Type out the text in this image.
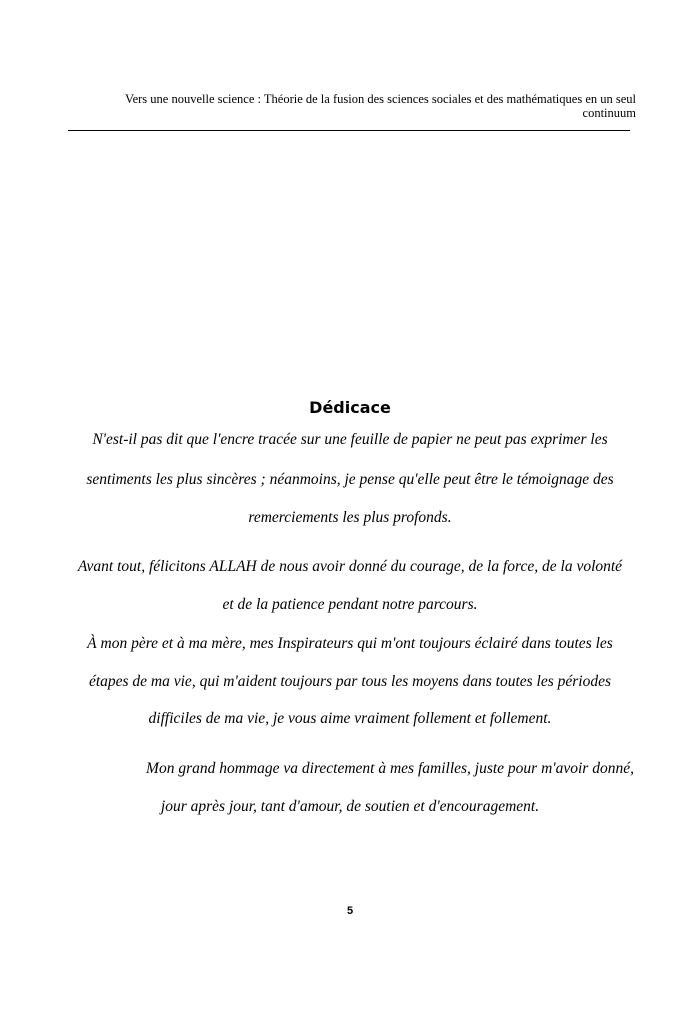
Vers une nouvelle science : Théorie de la fusion des sciences sociales et des mathématiques en un seul
continuum
Dédicace
N'est-il pas dit que l'encre tracée sur une feuille de papier ne peut pas exprimer les
sentiments les plus sincères ; néanmoins, je pense qu'elle peut être le témoignage des
remerciements les plus profonds.
Avant tout, félicitons ALLAH de nous avoir donné du courage, de la force, de la volonté
et de la patience pendant notre parcours.
À mon père et à ma mère, mes Inspirateurs qui m'ont toujours éclairé dans toutes les
étapes de ma vie, qui m'aident toujours par tous les moyens dans toutes les périodes
difficiles de ma vie, je vous aime vraiment follement et follement.
Mon grand hommage va directement à mes familles, juste pour m'avoir donné,
jour après jour, tant d'amour, de soutien et d'encouragement.
5
